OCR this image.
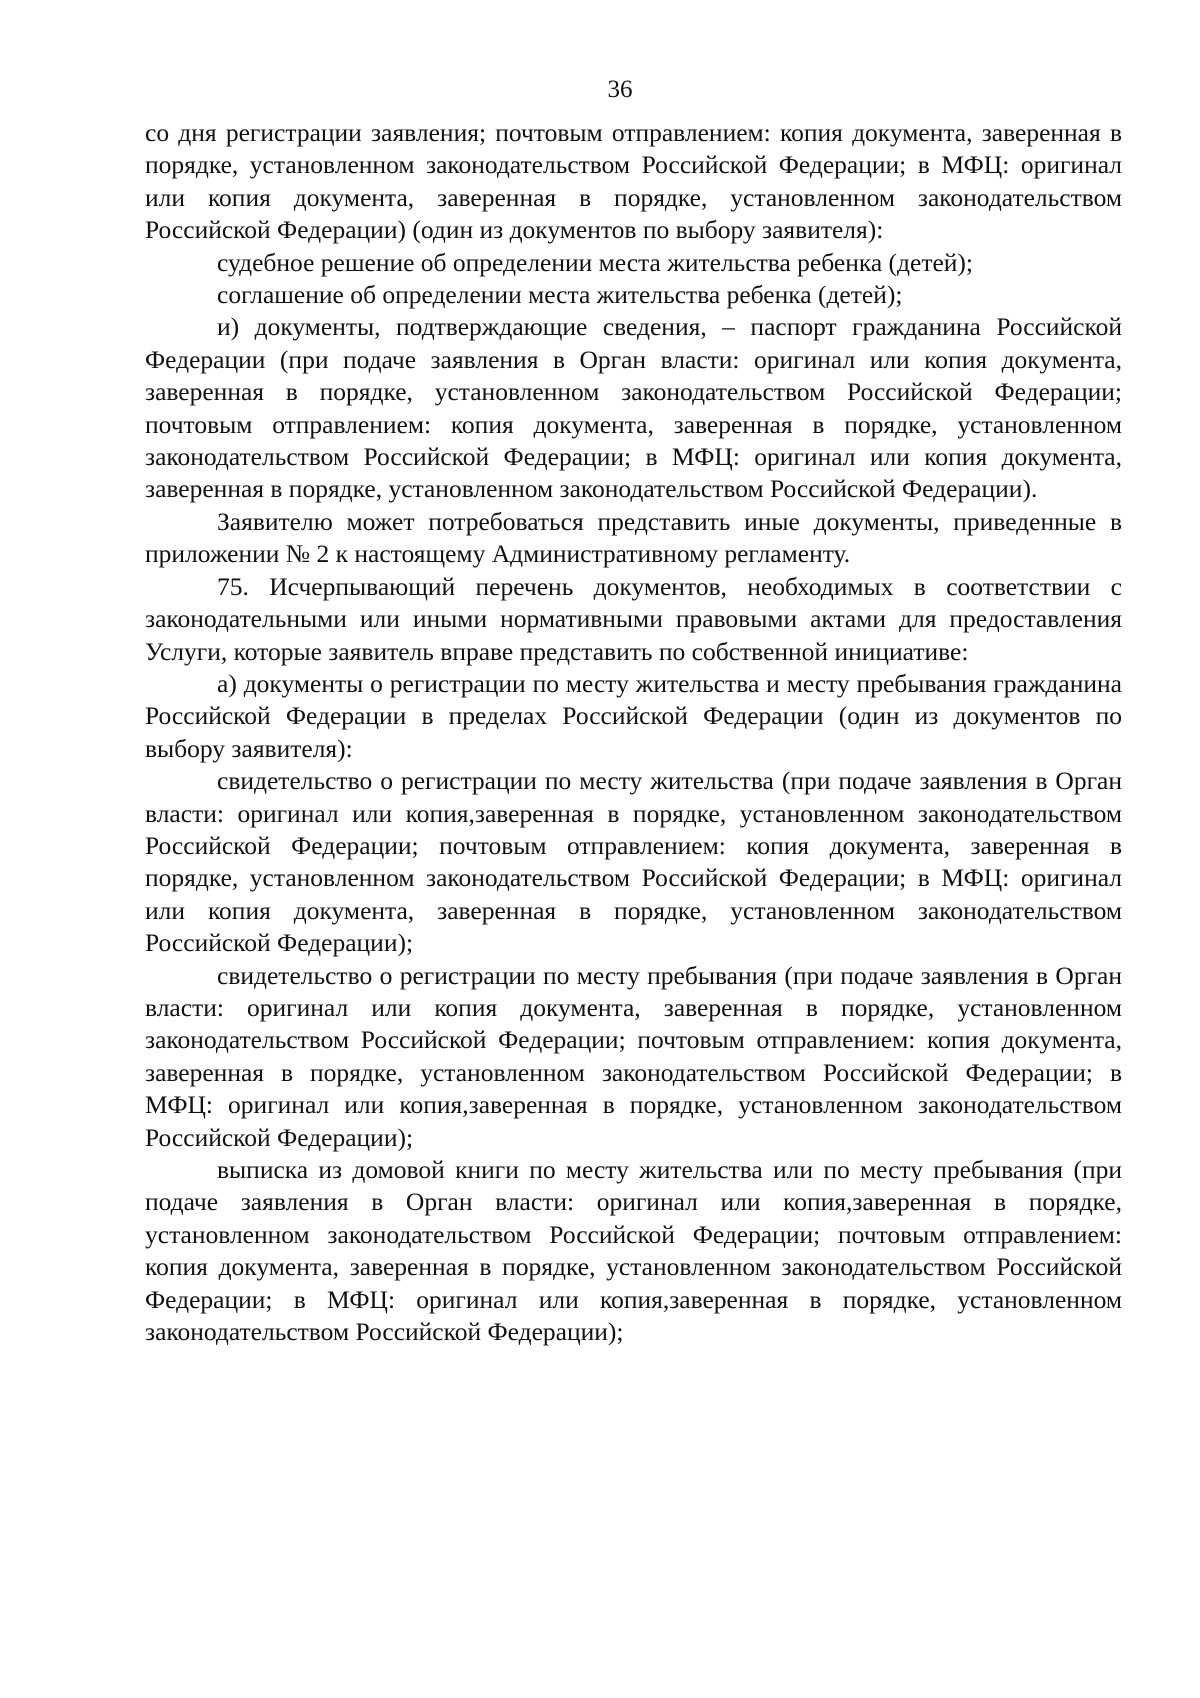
36

со дня регистрации заявления; почтовым отправлением: копия документа, заверенная в порядке, установленном законодательством Российской Федерации; в МФЦ: оригинал или копия документа, заверенная в порядке, установленном законодательством Российской Федерации) (один из документов по выбору заявителя):

судебное решение об определении места жительства ребенка (детей);

соглашение об определении места жительства ребенка (детей);

и) документы, подтверждающие сведения, – паспорт гражданина Российской Федерации (при подаче заявления в Орган власти: оригинал или копия документа, заверенная в порядке, установленном законодательством Российской Федерации; почтовым отправлением: копия документа, заверенная в порядке, установленном законодательством Российской Федерации; в МФЦ: оригинал или копия документа, заверенная в порядке, установленном законодательством Российской Федерации).

Заявителю может потребоваться представить иные документы, приведенные в приложении № 2 к настоящему Административному регламенту.

75. Исчерпывающий перечень документов, необходимых в соответствии с законодательными или иными нормативными правовыми актами для предоставления Услуги, которые заявитель вправе представить по собственной инициативе:

а) документы о регистрации по месту жительства и месту пребывания гражданина Российской Федерации в пределах Российской Федерации (один из документов по выбору заявителя):

свидетельство о регистрации по месту жительства (при подаче заявления в Орган власти: оригинал или копия,заверенная в порядке, установленном законодательством Российской Федерации; почтовым отправлением: копия документа, заверенная в порядке, установленном законодательством Российской Федерации; в МФЦ: оригинал или копия документа, заверенная в порядке, установленном законодательством Российской Федерации);

свидетельство о регистрации по месту пребывания (при подаче заявления в Орган власти: оригинал или копия документа, заверенная в порядке, установленном законодательством Российской Федерации; почтовым отправлением: копия документа, заверенная в порядке, установленном законодательством Российской Федерации; в МФЦ: оригинал или копия,заверенная в порядке, установленном законодательством Российской Федерации);

выписка из домовой книги по месту жительства или по месту пребывания (при подаче заявления в Орган власти: оригинал или копия,заверенная в порядке, установленном законодательством Российской Федерации; почтовым отправлением: копия документа, заверенная в порядке, установленном законодательством Российской Федерации; в МФЦ: оригинал или копия,заверенная в порядке, установленном законодательством Российской Федерации);
